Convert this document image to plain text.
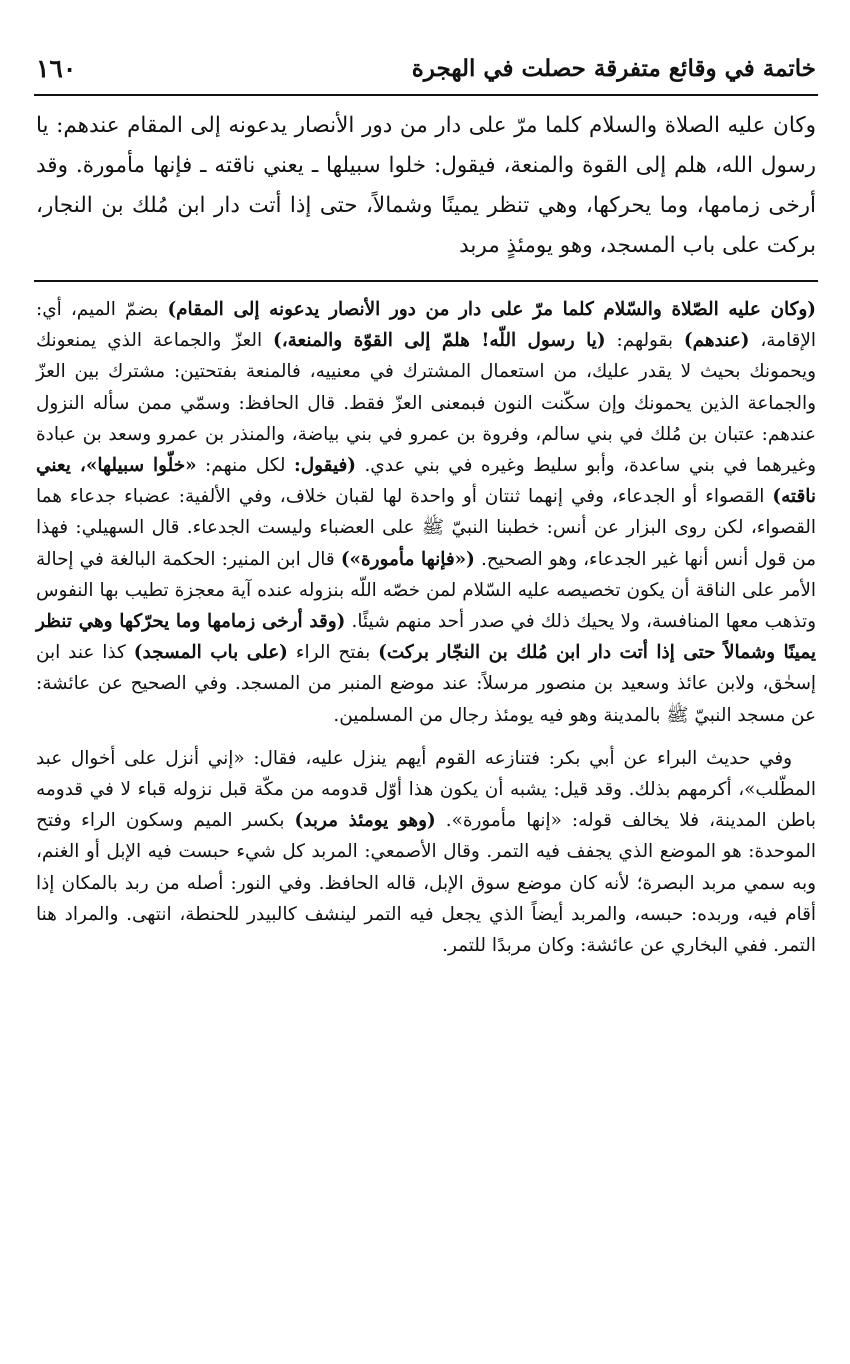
خاتمة في وقائع متفرقة حصلت في الهجرة
١٦٠

وكان عليه الصلاة والسلام كلما مرّ على دار من دور الأنصار يدعونه إلى المقام عندهم: يا رسول الله، هلم إلى القوة والمنعة، فيقول: خلوا سبيلها ـ يعني ناقته ـ فإنها مأمورة. وقد أرخى زمامها، وما يحركها، وهي تنظر يمينًا وشمالاً، حتى إذا أتت دار ابن مُلك بن النجار، بركت على باب المسجد، وهو يومئذٍ مربد

(وكان عليه الصّلاة والسّلام كلما مرّ على دار من دور الأنصار يدعونه إلى المقام) بضمّ الميم، أي: الإقامة، (عندهم) بقولهم: (يا رسول اللّه! هلمّ إلى القوّة والمنعة،) العزّ والجماعة الذي يمنعونك ويحمونك بحيث لا يقدر عليك، من استعمال المشترك في معنييه، فالمنعة بفتحتين: مشترك بين العزّ والجماعة الذين يحمونك وإن سكّنت النون فبمعنى العزّ فقط. قال الحافظ: وسمّي ممن سأله النزول عندهم: عتبان بن مُلك في بني سالم، وفروة بن عمرو في بني بياضة، والمنذر بن عمرو وسعد بن عبادة وغيرهما في بني ساعدة، وأبو سليط وغيره في بني عدي. (فيقول: لكل منهم: «خلّوا سبيلها»، يعني ناقته) القصواء أو الجدعاء، وفي إنهما ثنتان أو واحدة لها لقبان خلاف، وفي الألفية: عضباء جدعاء هما القصواء، لكن روى البزار عن أنس: خطبنا النبيّ ﷺ على العضباء وليست الجدعاء. قال السهيلي: فهذا من قول أنس أنها غير الجدعاء، وهو الصحيح. («فإنها مأمورة») قال ابن المنير: الحكمة البالغة في إحالة الأمر على الناقة أن يكون تخصيصه عليه السّلام لمن خصّه اللّه بنزوله عنده آية معجزة تطيب بها النفوس وتذهب معها المنافسة، ولا يحيك ذلك في صدر أحد منهم شيئًا. (وقد أرخى زمامها وما يحرّكها وهي تنظر يمينًا وشمالاً حتى إذا أتت دار ابن مُلك بن النجّار بركت) بفتح الراء (على باب المسجد) كذا عند ابن إسحٰق، ولابن عائذ وسعيد بن منصور مرسلاً: عند موضع المنبر من المسجد. وفي الصحيح عن عائشة: عن مسجد النبيّ ﷺ بالمدينة وهو فيه يومئذ رجال من المسلمين.

وفي حديث البراء عن أبي بكر: فتنازعه القوم أيهم ينزل عليه، فقال: «إني أنزل على أخوال عبد المطّلب»، أكرمهم بذلك. وقد قيل: يشبه أن يكون هذا أوّل قدومه من مكّة قبل نزوله قباء لا في قدومه باطن المدينة، فلا يخالف قوله: «إنها مأمورة». (وهو يومئذ مربد) بكسر الميم وسكون الراء وفتح الموحدة: هو الموضع الذي يجفف فيه التمر. وقال الأصمعي: المربد كل شيء حبست فيه الإبل أو الغنم، وبه سمي مربد البصرة؛ لأنه كان موضع سوق الإبل، قاله الحافظ. وفي النور: أصله من ربد بالمكان إذا أقام فيه، وربده: حبسه، والمربد أيضاً الذي يجعل فيه التمر لينشف كالبيدر للحنطة، انتهى. والمراد هنا التمر. ففي البخاري عن عائشة: وكان مربدًا للتمر.
